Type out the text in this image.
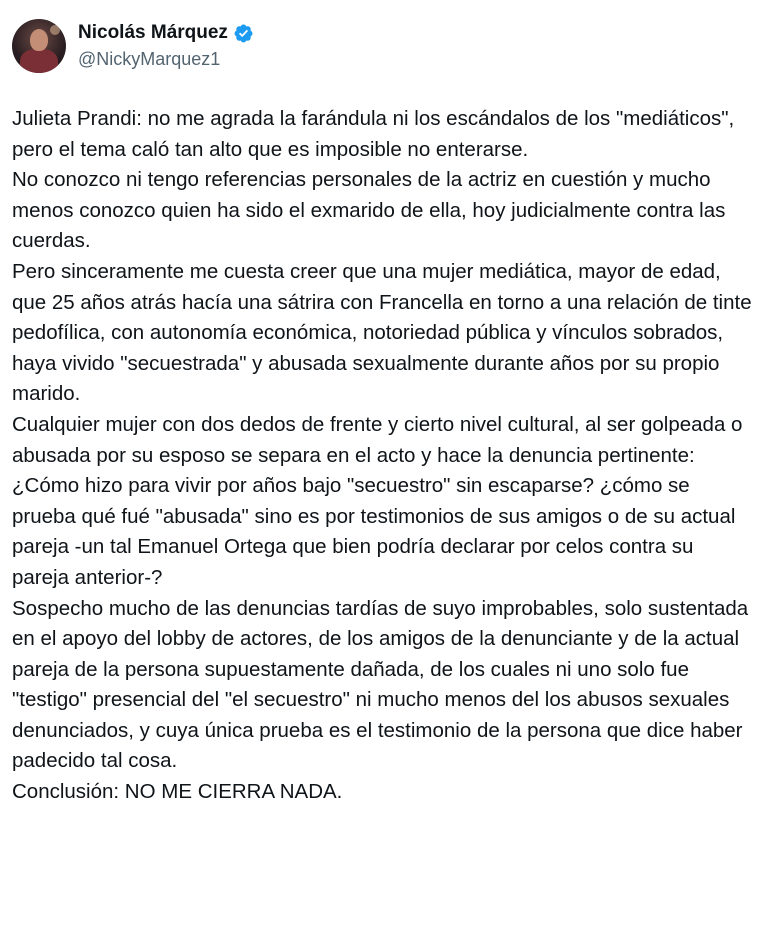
Nicolás Márquez
@NickyMarquez1

Julieta Prandi: no me agrada la farándula ni los escándalos de los "mediáticos", pero el tema caló tan alto que es imposible no enterarse.

No conozco ni tengo referencias personales de la actriz en cuestión y mucho menos conozco quien ha sido el exmarido de ella, hoy judicialmente contra las cuerdas.

Pero sinceramente me cuesta creer que una mujer mediática, mayor de edad, que 25 años atrás hacía una sátrira con Francella en torno a una relación de tinte pedofílica, con autonomía económica, notoriedad pública y vínculos sobrados, haya vivido "secuestrada" y abusada sexualmente durante años por su propio marido.

Cualquier mujer con dos dedos de frente y cierto nivel cultural, al ser golpeada o abusada por su esposo se separa en el acto y hace la denuncia pertinente:

¿Cómo hizo para vivir por años bajo "secuestro" sin escaparse? ¿cómo se prueba qué fué "abusada" sino es por testimonios de sus amigos o de su actual pareja -un tal Emanuel Ortega que bien podría declarar por celos contra su pareja anterior-?

Sospecho mucho de las denuncias tardías de suyo improbables, solo sustentada en el apoyo del lobby de actores, de los amigos de la denunciante y de la actual pareja de la persona supuestamente dañada, de los cuales ni uno solo fue "testigo" presencial del "el secuestro" ni mucho menos del los abusos sexuales denunciados, y cuya única prueba es el testimonio de la persona que dice haber padecido tal cosa.

Conclusión: NO ME CIERRA NADA.
